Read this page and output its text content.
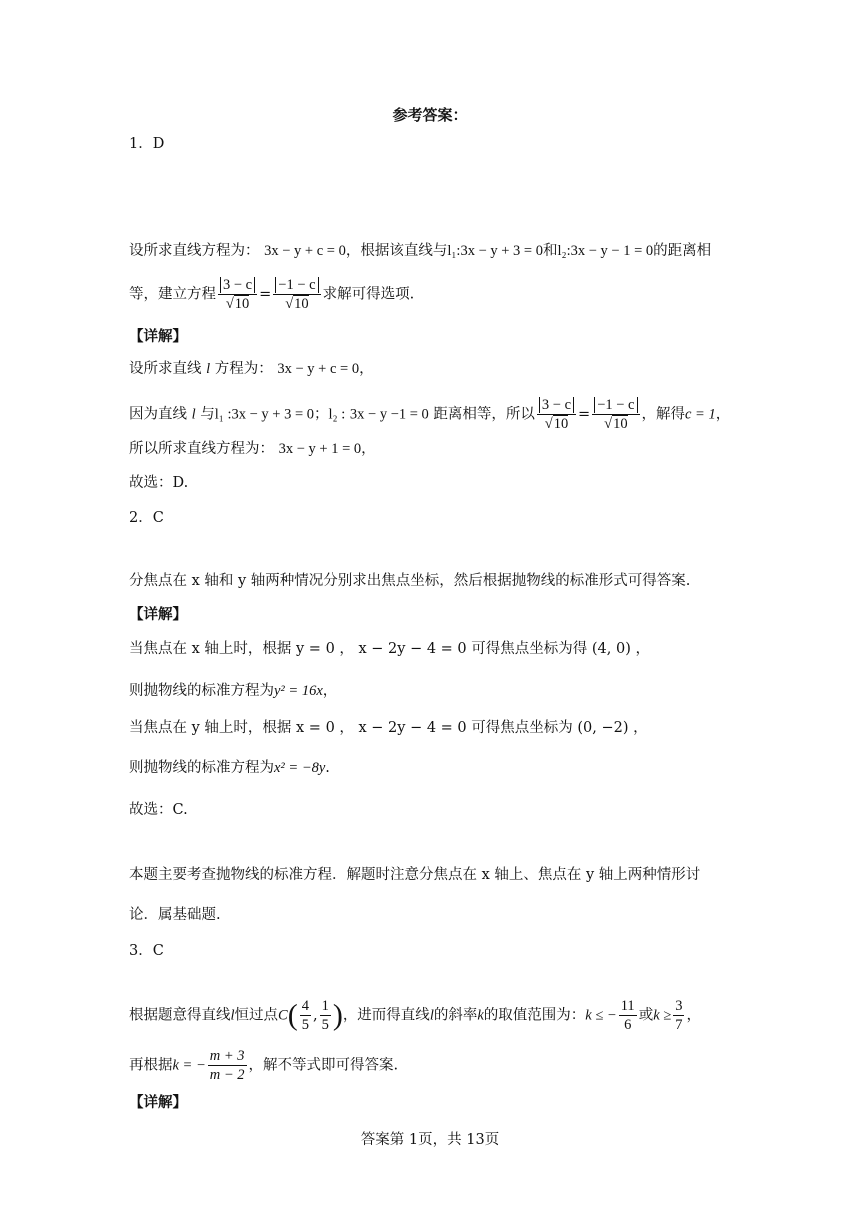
参考答案：
1．D
设所求直线方程为： 3x − y + c = 0，根据该直线与l₁:3x − y + 3 = 0和l₂:3x − y − 1 = 0的距离相
等，建立方程 $\frac{3 - c}{√10} = \frac{-1 - c}{√10}$ 求解可得选项.
【详解】
设所求直线 l 方程为： 3x − y + c = 0，
因为直线 l 与l₁ :3x − y + 3 = 0；l₂ : 3x − y −1 = 0 距离相等，所以 $\frac{3 - c}{√10} = \frac{-1 - c}{√10}$ ，解得c = 1，
所以所求直线方程为： 3x − y + 1 = 0，
故选：D.
2．C
分焦点在 x 轴和 y 轴两种情况分别求出焦点坐标，然后根据抛物线的标准形式可得答案.
【详解】
当焦点在 x 轴上时，根据 y = 0 ， x − 2y − 4 = 0 可得焦点坐标为得 (4, 0) ，
则抛物线的标准方程为y² = 16x，
当焦点在 y 轴上时，根据 x = 0 ， x − 2y − 4 = 0 可得焦点坐标为 (0, −2) ，
则抛物线的标准方程为x² = −8y.
故选：C.
本题主要考查抛物线的标准方程．解题时注意分焦点在 x 轴上、焦点在 y 轴上两种情形讨
论．属基础题.
3．C
根据题意得直线l恒过点$C( \frac{4}{5}$ , $\frac{1}{5}$ )，进而得直线l的斜率k的取值范围为：k ≤ − $\frac{11}{6}$ 或$k \ge \frac{3}{7}$ ，
再根据k = − $\frac{m + 3}{m - 2}$ ，解不等式即可得答案.
【详解】
答案第 1页，共 13页
